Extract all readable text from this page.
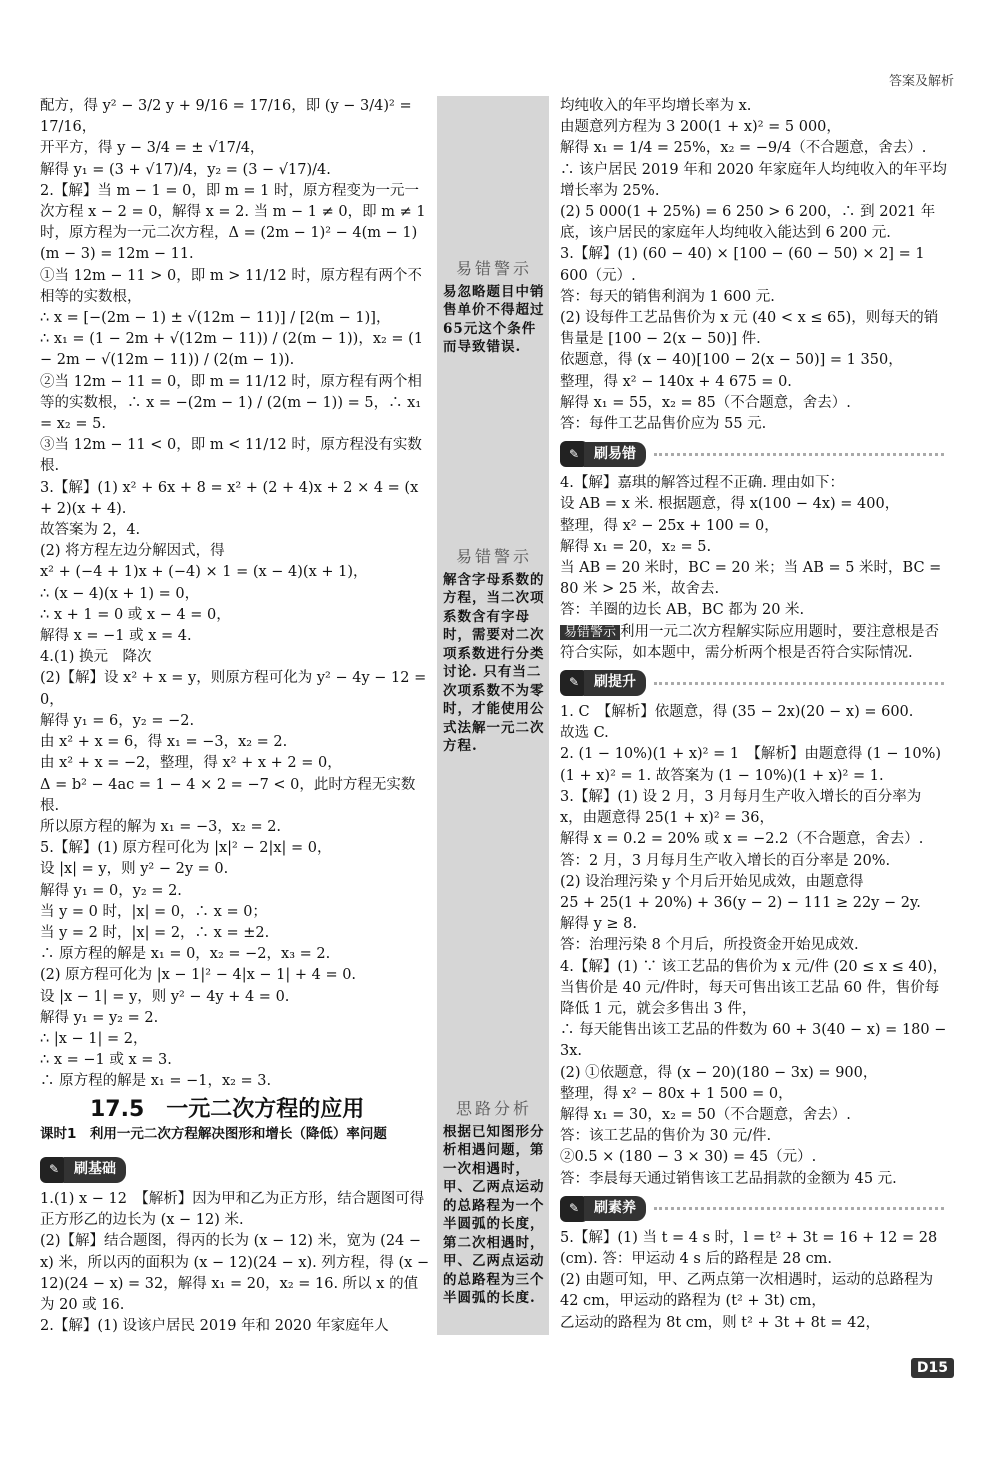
答案及解析
易错警示
易忽略题目中销售单价不得超过65元这个条件而导致错误.
易错警示
解含字母系数的方程，当二次项系数含有字母时，需要对二次项系数进行分类讨论. 只有当二次项系数不为零时，才能使用公式法解一元二次方程.
思路分析
根据已知图形分析相遇问题，第一次相遇时，甲、乙两点运动的总路程为一个半圆弧的长度，第二次相遇时，甲、乙两点运动的总路程为三个半圆弧的长度.
配方，得 y² − 3/2 y + 9/16 = 17/16，即 (y − 3/4)² = 17/16，
开平方，得 y − 3/4 = ± √17/4，
解得 y₁ = (3 + √17)/4，y₂ = (3 − √17)/4.
2.【解】当 m − 1 = 0，即 m = 1 时，原方程变为一元一次方程 x − 2 = 0，解得 x = 2. 当 m − 1 ≠ 0，即 m ≠ 1 时，原方程为一元二次方程，Δ = (2m − 1)² − 4(m − 1)(m − 3) = 12m − 11.
①当 12m − 11 > 0，即 m > 11/12 时，原方程有两个不相等的实数根，
∴ x = [−(2m − 1) ± √(12m − 11)] / [2(m − 1)]，
∴ x₁ = (1 − 2m + √(12m − 11)) / (2(m − 1))，x₂ = (1 − 2m − √(12m − 11)) / (2(m − 1)).
②当 12m − 11 = 0，即 m = 11/12 时，原方程有两个相等的实数根，∴ x = −(2m − 1) / (2(m − 1)) = 5，∴ x₁ = x₂ = 5.
③当 12m − 11 < 0，即 m < 11/12 时，原方程没有实数根.
3.【解】(1) x² + 6x + 8 = x² + (2 + 4)x + 2 × 4 = (x + 2)(x + 4).
故答案为 2，4.
(2) 将方程左边分解因式，得
x² + (−4 + 1)x + (−4) × 1 = (x − 4)(x + 1)，
∴ (x − 4)(x + 1) = 0，
∴ x + 1 = 0 或 x − 4 = 0，
解得 x = −1 或 x = 4.
4.(1) 换元　降次
(2)【解】设 x² + x = y，则原方程可化为 y² − 4y − 12 = 0，
解得 y₁ = 6，y₂ = −2.
由 x² + x = 6，得 x₁ = −3，x₂ = 2.
由 x² + x = −2，整理，得 x² + x + 2 = 0，
Δ = b² − 4ac = 1 − 4 × 2 = −7 < 0，此时方程无实数根.
所以原方程的解为 x₁ = −3，x₂ = 2.
5.【解】(1) 原方程可化为 |x|² − 2|x| = 0，
设 |x| = y，则 y² − 2y = 0.
解得 y₁ = 0，y₂ = 2.
当 y = 0 时，|x| = 0，∴ x = 0；
当 y = 2 时，|x| = 2，∴ x = ±2.
∴ 原方程的解是 x₁ = 0，x₂ = −2，x₃ = 2.
(2) 原方程可化为 |x − 1|² − 4|x − 1| + 4 = 0.
设 |x − 1| = y，则 y² − 4y + 4 = 0.
解得 y₁ = y₂ = 2.
∴ |x − 1| = 2，
∴ x = −1 或 x = 3.
∴ 原方程的解是 x₁ = −1，x₂ = 3.
17.5　一元二次方程的应用
课时1　利用一元二次方程解决图形和增长（降低）率问题
✎	刷基础
1.(1) x − 12　【解析】因为甲和乙为正方形，结合题图可得正方形乙的边长为 (x − 12) 米.
(2)【解】结合题图，得丙的长为 (x − 12) 米，宽为 (24 − x) 米，所以丙的面积为 (x − 12)(24 − x). 列方程，得 (x − 12)(24 − x) = 32，解得 x₁ = 20，x₂ = 16. 所以 x 的值为 20 或 16.
2.【解】(1) 设该户居民 2019 年和 2020 年家庭年人
均纯收入的年平均增长率为 x.
由题意列方程为 3 200(1 + x)² = 5 000，
解得 x₁ = 1/4 = 25%，x₂ = −9/4（不合题意，舍去）.
∴ 该户居民 2019 年和 2020 年家庭年人均纯收入的年平均增长率为 25%.
(2) 5 000(1 + 25%) = 6 250 > 6 200，∴ 到 2021 年底，该户居民的家庭年人均纯收入能达到 6 200 元.
3.【解】(1) (60 − 40) × [100 − (60 − 50) × 2] = 1 600（元）.
答：每天的销售利润为 1 600 元.
(2) 设每件工艺品售价为 x 元 (40 < x ≤ 65)，则每天的销售量是 [100 − 2(x − 50)] 件.
依题意，得 (x − 40)[100 − 2(x − 50)] = 1 350，
整理，得 x² − 140x + 4 675 = 0.
解得 x₁ = 55，x₂ = 85（不合题意，舍去）.
答：每件工艺品售价应为 55 元.
✎	刷易错
4.【解】嘉琪的解答过程不正确. 理由如下：
设 AB = x 米. 根据题意，得 x(100 − 4x) = 400，
整理，得 x² − 25x + 100 = 0，
解得 x₁ = 20，x₂ = 5.
当 AB = 20 米时，BC = 20 米；当 AB = 5 米时，BC = 80 米 > 25 米，故舍去.
答：羊圈的边长 AB，BC 都为 20 米.
易错警示 利用一元二次方程解实际应用题时，要注意根是否符合实际，如本题中，需分析两个根是否符合实际情况.
✎	刷提升
1. C　【解析】依题意，得 (35 − 2x)(20 − x) = 600.
故选 C.
2. (1 − 10%)(1 + x)² = 1　【解析】由题意得 (1 − 10%)(1 + x)² = 1. 故答案为 (1 − 10%)(1 + x)² = 1.
3.【解】(1) 设 2 月，3 月每月生产收入增长的百分率为 x，由题意得 25(1 + x)² = 36，
解得 x = 0.2 = 20% 或 x = −2.2（不合题意，舍去）.
答：2 月，3 月每月生产收入增长的百分率是 20%.
(2) 设治理污染 y 个月后开始见成效，由题意得
25 + 25(1 + 20%) + 36(y − 2) − 111 ≥ 22y − 2y.
解得 y ≥ 8.
答：治理污染 8 个月后，所投资金开始见成效.
4.【解】(1) ∵ 该工艺品的售价为 x 元/件 (20 ≤ x ≤ 40)，当售价是 40 元/件时，每天可售出该工艺品 60 件，售价每降低 1 元，就会多售出 3 件，
∴ 每天能售出该工艺品的件数为 60 + 3(40 − x) = 180 − 3x.
(2) ①依题意，得 (x − 20)(180 − 3x) = 900，
整理，得 x² − 80x + 1 500 = 0，
解得 x₁ = 30，x₂ = 50（不合题意，舍去）.
答：该工艺品的售价为 30 元/件.
②0.5 × (180 − 3 × 30) = 45（元）.
答：李晨每天通过销售该工艺品捐款的金额为 45 元.
✎	刷素养
5.【解】(1) 当 t = 4 s 时，l = t² + 3t = 16 + 12 = 28 (cm). 答：甲运动 4 s 后的路程是 28 cm.
(2) 由题可知，甲、乙两点第一次相遇时，运动的总路程为 42 cm，甲运动的路程为 (t² + 3t) cm，
乙运动的路程为 8t cm，则 t² + 3t + 8t = 42，
D15
